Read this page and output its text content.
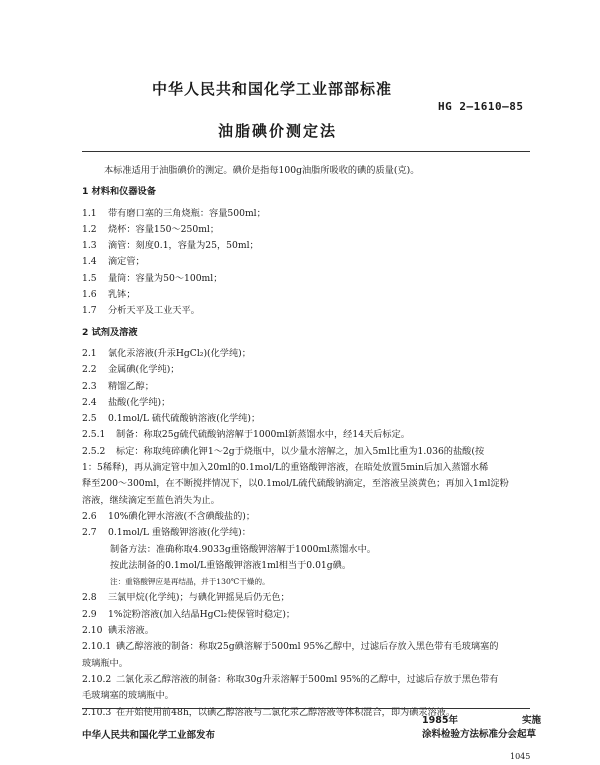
中华人民共和国化学工业部部标准
HG 2—1610—85
油脂碘价测定法
本标准适用于油脂碘价的测定。碘价是指每100g油脂所吸收的碘的质量(克)。
1 材料和仪器设备
1.1 带有磨口塞的三角烧瓶：容量500ml；
1.2 烧杯：容量150～250ml；
1.3 滴管：刻度0.1，容量为25，50ml；
1.4 滴定管；
1.5 量筒：容量为50～100ml；
1.6 乳钵；
1.7 分析天平及工业天平。
2 试剂及溶液
2.1 氯化汞溶液(升汞HgCl₂)(化学纯)；
2.2 金属碘(化学纯)；
2.3 精馏乙醇；
2.4 盐酸(化学纯)；
2.5 0.1mol/L 硫代硫酸钠溶液(化学纯)；
2.5.1 制备：称取25g硫代硫酸钠溶解于1000ml新蒸馏水中，经14天后标定。
2.5.2 标定：称取纯碎碘化钾1～2g于烧瓶中，以少量水溶解之，加入5ml比重为1.036的盐酸(按
1：5稀释)，再从滴定管中加入20ml的0.1mol/L的重铬酸钾溶液，在暗处放置5min后加入蒸馏水稀
释至200～300ml，在不断搅拌情况下，以0.1mol/L硫代硫酸钠滴定，至溶液呈淡黄色；再加入1ml淀粉
溶液，继续滴定至蓝色消失为止。
2.6 10%碘化钾水溶液(不含碘酸盐的)；
2.7 0.1mol/L 重铬酸钾溶液(化学纯)：
制备方法：准确称取4.9033g重铬酸钾溶解于1000ml蒸馏水中。
按此法制备的0.1mol/L重铬酸钾溶液1ml相当于0.01g碘。
注：重铬酸钾应是再结晶，并于130℃干燥的。
2.8 三氯甲烷(化学纯)；与碘化钾摇晃后仍无色；
2.9 1%淀粉溶液(加入结晶HgCl₂使保管时稳定)；
2.10 碘汞溶液。
2.10.1 碘乙醇溶液的制备：称取25g碘溶解于500ml 95%乙醇中，过滤后存放入黑色带有毛玻璃塞的
玻璃瓶中。
2.10.2 二氯化汞乙醇溶液的制备：称取30g升汞溶解于500ml 95%的乙醇中，过滤后存放于黑色带有
毛玻璃塞的玻璃瓶中。
2.10.3 在开始使用前48h，以碘乙醇溶液与二氯化汞乙醇溶液等体积混合，即为碘汞溶液。
中华人民共和国化学工业部发布
1985年	实施
涂料检验方法标准分会起草
1045
